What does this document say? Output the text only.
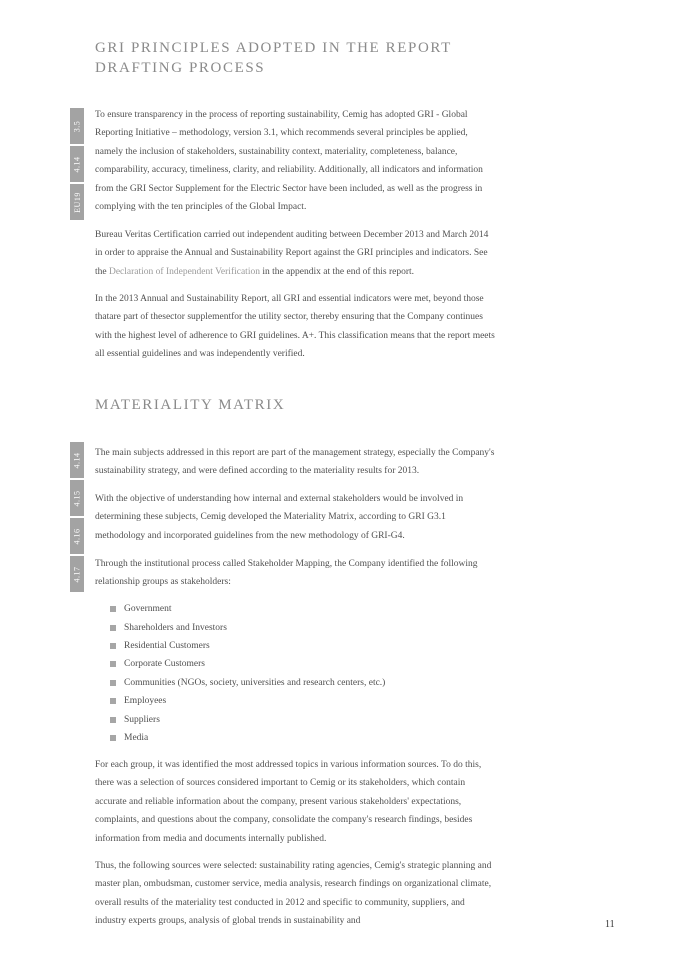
GRI PRINCIPLES ADOPTED IN THE REPORT
DRAFTING PROCESS
3.5
4.14
EU19

To ensure transparency in the process of reporting sustainability, Cemig has adopted GRI - Global Reporting Initiative – methodology, version 3.1, which recommends several principles be applied, namely the inclusion of stakeholders, sustainability context, materiality, completeness, balance, comparability, accuracy, timeliness, clarity, and reliability. Additionally, all indicators and information from the GRI Sector Supplement for the Electric Sector have been included, as well as the progress in complying with the ten principles of the Global Impact.

Bureau Veritas Certification carried out independent auditing between December 2013 and March 2014 in order to appraise the Annual and Sustainability Report against the GRI principles and indicators. See the Declaration of Independent Verification in the appendix at the end of this report.

In the 2013 Annual and Sustainability Report, all GRI and essential indicators were met, beyond those thatare part of thesector supplementfor the utility sector, thereby ensuring that the Company continues with the highest level of adherence to GRI guidelines. A+. This classification means that the report meets all essential guidelines and was independently verified.

MATERIALITY MATRIX
4.14
4.15
4.16
4.17

The main subjects addressed in this report are part of the management strategy, especially the Company's sustainability strategy, and were defined according to the materiality results for 2013.

With the objective of understanding how internal and external stakeholders would be involved in determining these subjects, Cemig developed the Materiality Matrix, according to GRI G3.1 methodology and incorporated guidelines from the new methodology of GRI-G4.

Through the institutional process called Stakeholder Mapping, the Company identified the following relationship groups as stakeholders:

Government
Shareholders and Investors
Residential Customers
Corporate Customers
Communities (NGOs, society, universities and research centers, etc.)
Employees
Suppliers
Media

For each group, it was identified the most addressed topics in various information sources. To do this, there was a selection of sources considered important to Cemig or its stakeholders, which contain accurate and reliable information about the company, present various stakeholders' expectations, complaints, and questions about the company, consolidate the company's research findings, besides information from media and documents internally published.

Thus, the following sources were selected: sustainability rating agencies, Cemig's strategic planning and master plan, ombudsman, customer service, media analysis, research findings on organizational climate, overall results of the materiality test conducted in 2012 and specific to community, suppliers, and industry experts groups, analysis of global trends in sustainability and	11
